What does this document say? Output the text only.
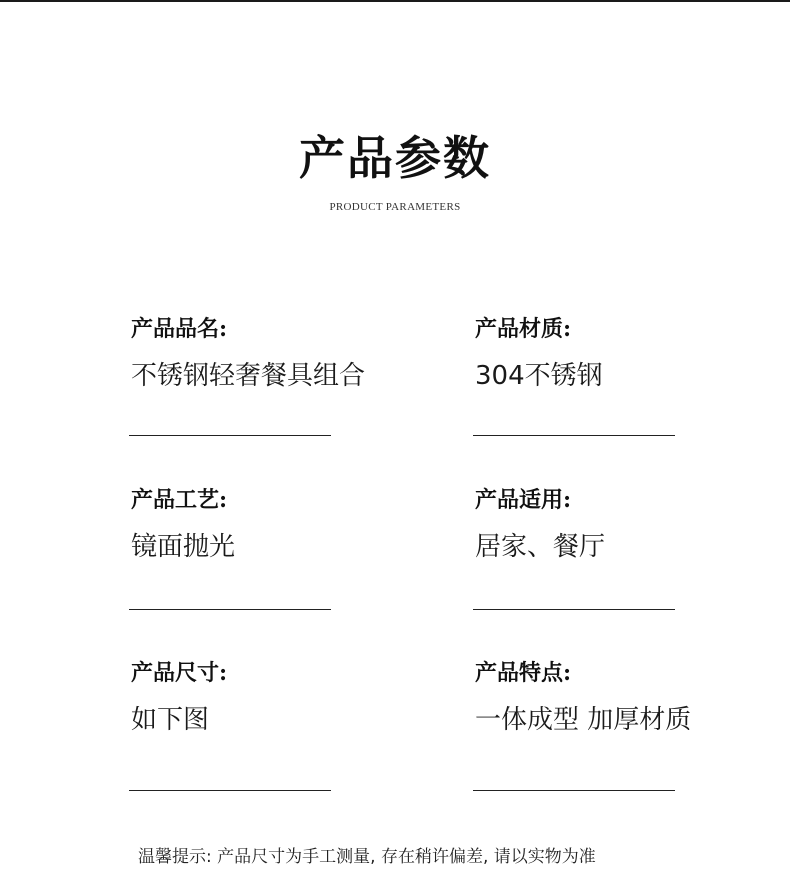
产品参数
PRODUCT PARAMETERS
产品品名:
不锈钢轻奢餐具组合
产品材质:
304不锈钢
产品工艺:
镜面抛光
产品适用:
居家、餐厅
产品尺寸:
如下图
产品特点:
一体成型 加厚材质
温馨提示: 产品尺寸为手工测量, 存在稍许偏差, 请以实物为准
